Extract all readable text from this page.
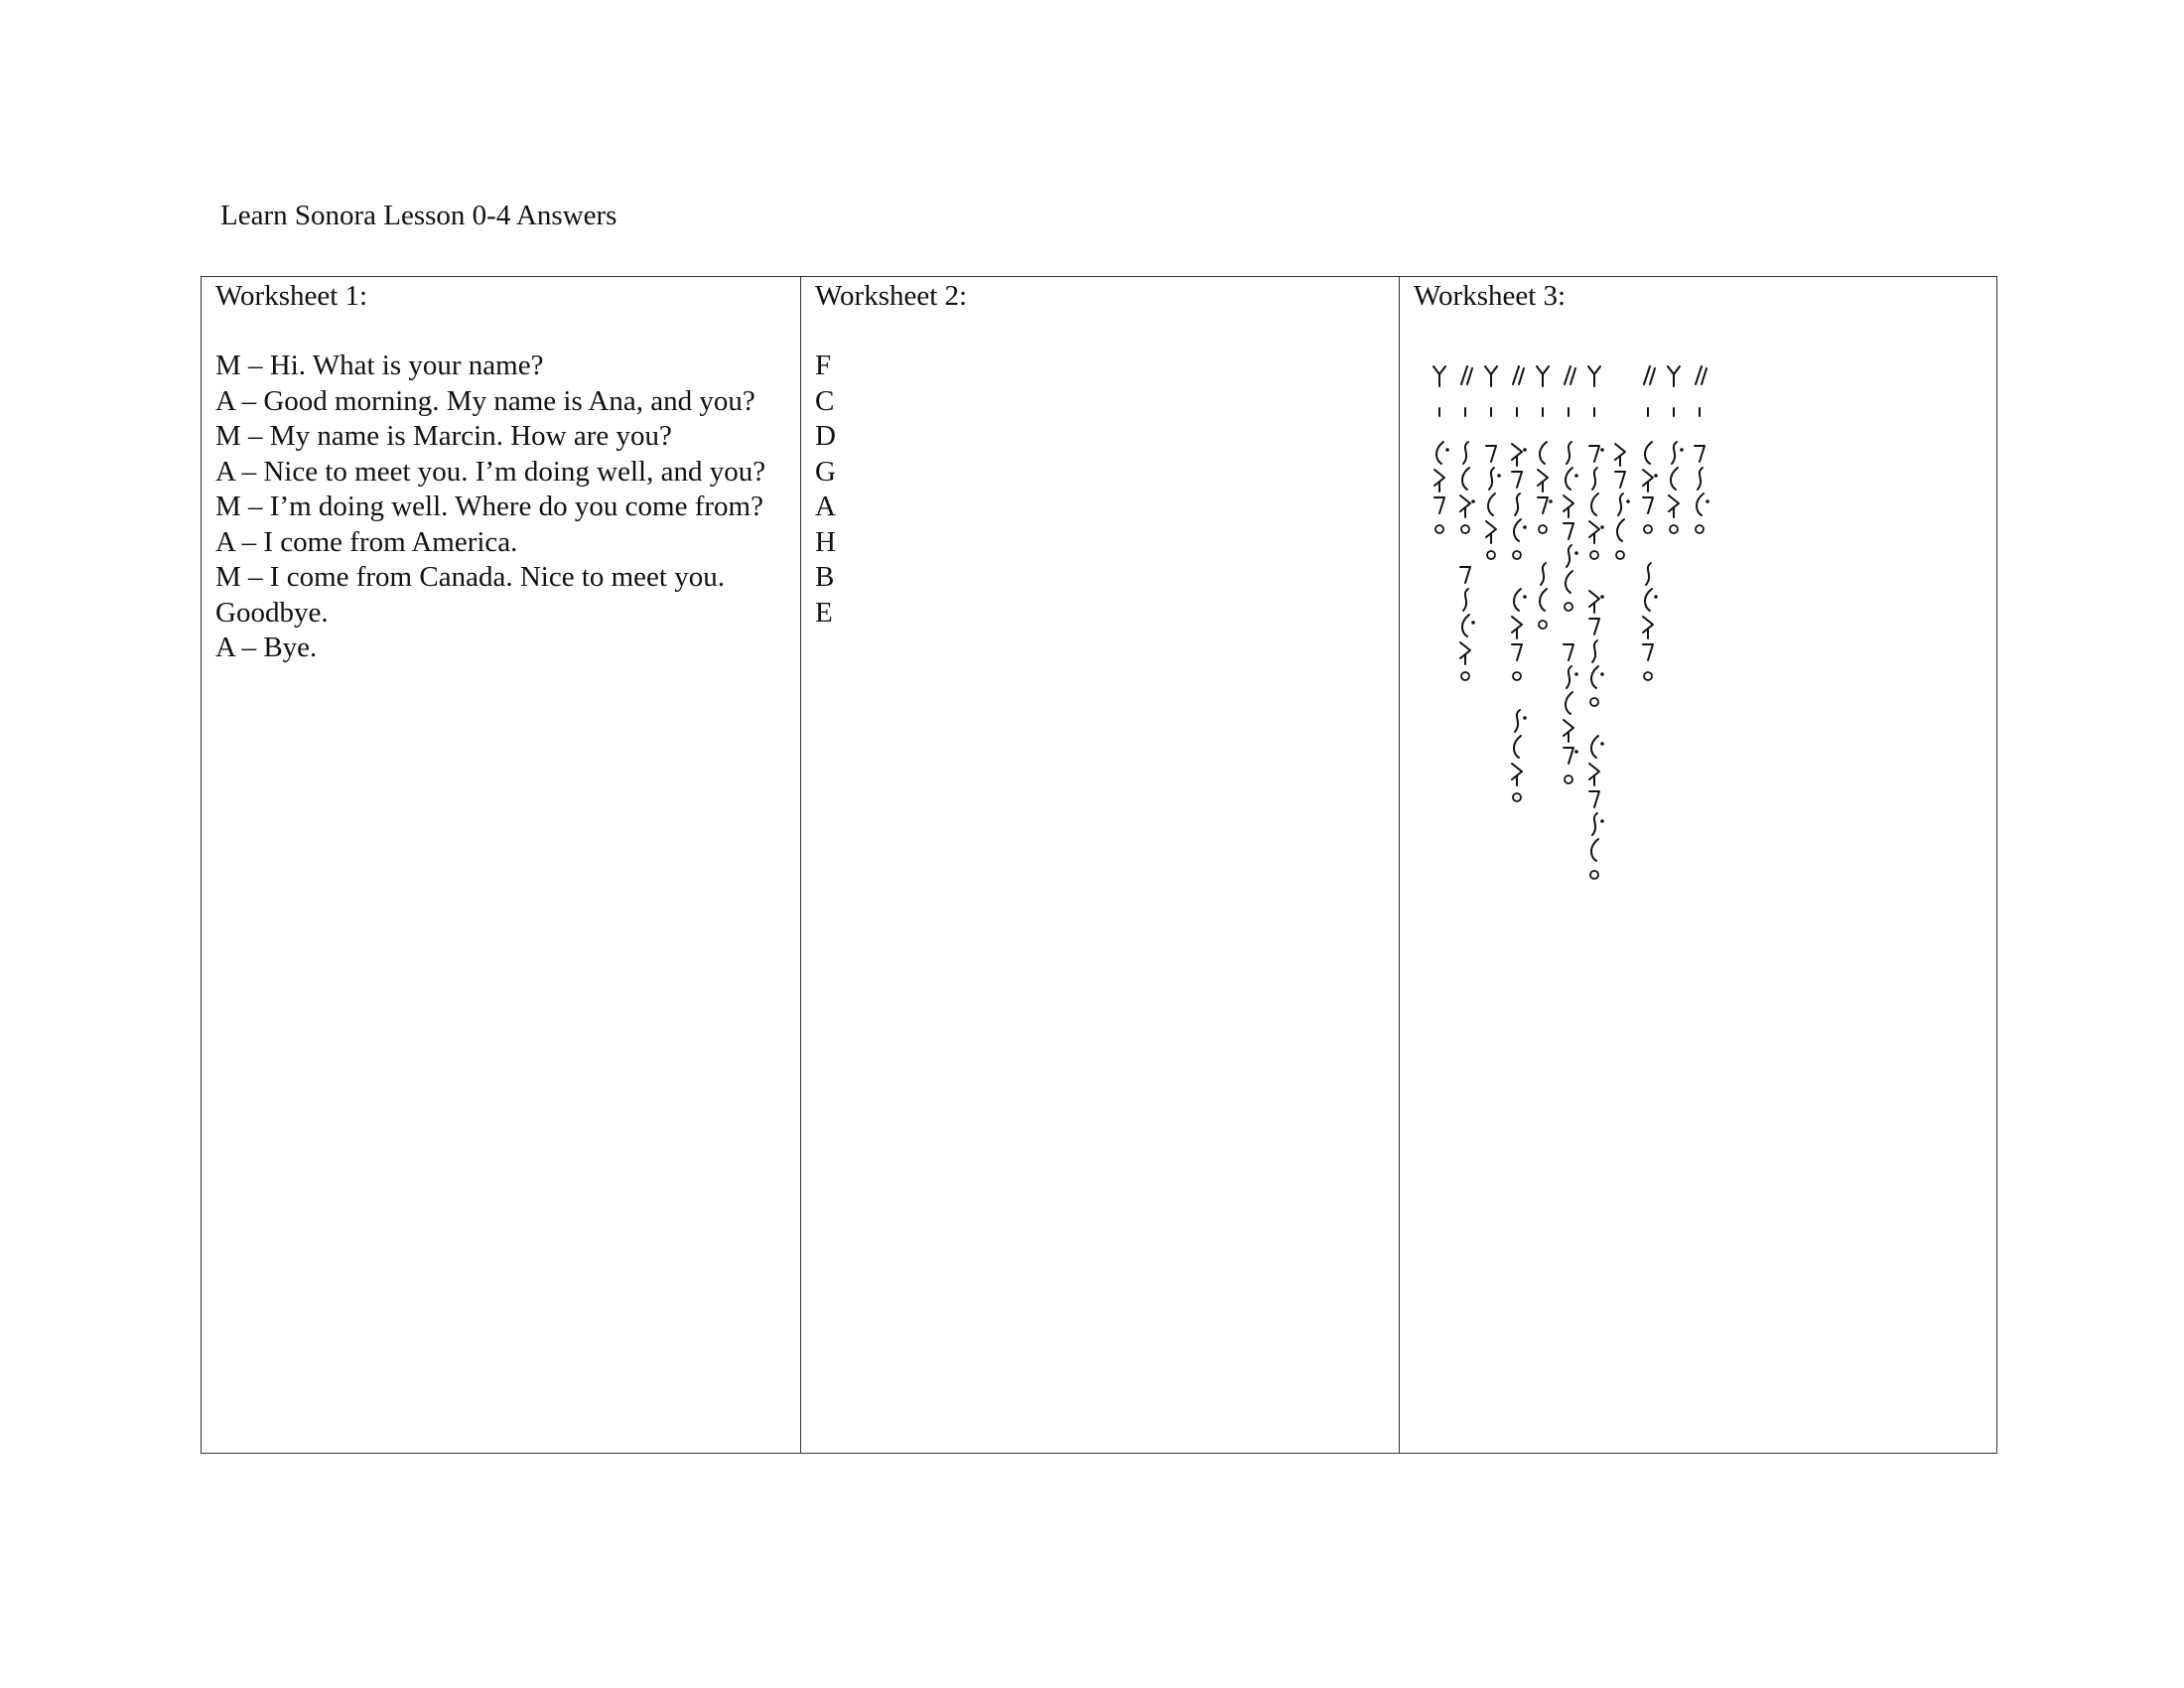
Learn Sonora Lesson 0-4 Answers
Worksheet 1:
M – Hi. What is your name?
A – Good morning. My name is Ana, and you?
M – My name is Marcin. How are you?
A – Nice to meet you. I’m doing well, and you?
M – I’m doing well. Where do you come from?
A – I come from America.
M – I come from Canada. Nice to meet you. Goodbye.
A – Bye.
Worksheet 2:
F
C
D
G
A
H
B
E
Worksheet 3:
